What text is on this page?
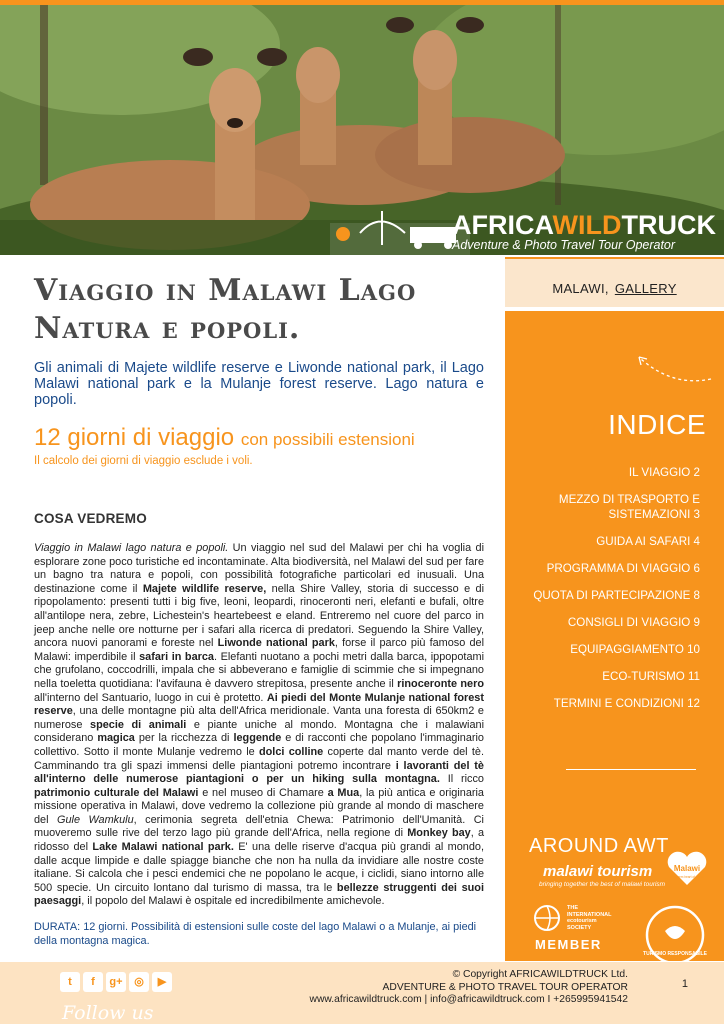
AFRICAWILDTRUCK
Adventure & Photo Travel Tour Operator
Viaggio in Malawi Lago Natura e popoli.

Gli animali di Majete wildlife reserve e Liwonde national park, il Lago Malawi national park e la Mulanje forest reserve. Lago natura e popoli.

12 giorni di viaggio con possibili estensioni
Il calcolo dei giorni di viaggio esclude i voli.
COSA VEDREMO

Viaggio in Malawi lago natura e popoli. Un viaggio nel sud del Malawi per chi ha voglia di esplorare zone poco turistiche ed incontaminate. Alta biodiversità, nel Malawi del sud per fare un bagno tra natura e popoli, con possibilità fotografiche particolari ed inusuali. Una destinazione come il Majete wildlife reserve, nella Shire Valley, storia di successo e di ripopolamento: presenti tutti i big five, leoni, leopardi, rinoceronti neri, elefanti e bufali, oltre all'antilope nera, zebre, Lichestein's heartebeest e eland. Entreremo nel cuore del parco in jeep anche nelle ore notturne per i safari alla ricerca di predatori. Seguendo la Shire Valley, ancora nuovi panorami e foreste nel Liwonde national park, forse il parco più famoso del Malawi: imperdibile il safari in barca. Elefanti nuotano a pochi metri dalla barca, ippopotami che grufolano, coccodrilli, impala che si abbeverano e famiglie di scimmie che si impegnano nella toeletta quotidiana: l'avifauna è davvero strepitosa, presente anche il rinoceronte nero all'interno del Santuario, luogo in cui è protetto. Ai piedi del Monte Mulanje national forest reserve, una delle montagne più alta dell'Africa meridionale. Vanta una foresta di 650km2 e numerose specie di animali e piante uniche al mondo. Montagna che i malawiani considerano magica per la ricchezza di leggende e di racconti che popolano l'immaginario collettivo. Sotto il monte Mulanje vedremo le dolci colline coperte dal manto verde del tè. Camminando tra gli spazi immensi delle piantagioni potremo incontrare i lavoranti del tè all'interno delle numerose piantagioni o per un hiking sulla montagna. Il ricco patrimonio culturale del Malawi e nel museo di Chamare a Mua, la più antica e originaria missione operativa in Malawi, dove vedremo la collezione più grande al mondo di maschere del Gule Wamkulu, cerimonia segreta dell'etnia Chewa: Patrimonio dell'Umanità. Ci muoveremo sulle rive del terzo lago più grande dell'Africa, nella regione di Monkey bay, a ridosso del Lake Malawi national park. E' una delle riserve d'acqua più grandi al mondo, dalle acque limpide e dalle spiagge bianche che non ha nulla da invidiare alle nostre coste italiane. Si calcola che i pesci endemici che ne popolano le acque, i ciclidi, siano intorno alle 500 specie. Un circuito lontano dal turismo di massa, tra le bellezze struggenti dei suoi paesaggi, il popolo del Malawi è ospitale ed incredibilmente amichevole.

DURATA: 12 giorni. Possibilità di estensioni sulle coste del lago Malawi o a Mulanje, ai piedi della montagna magica.

MALAWI, GALLERY
INDICE
IL VIAGGIO 2
MEZZO DI TRASPORTO E SISTEMAZIONI 3
GUIDA AI SAFARI 4
PROGRAMMA DI VIAGGIO 6
QUOTA DI PARTECIPAZIONE 8
CONSIGLI DI VIAGGIO 9
EQUIPAGGIAMENTO 10
ECO-TURISMO 11
TERMINI E CONDIZIONI 12
AROUND AWT
malawi tourism
bringing together the best of malawi tourism
Malawi
the warm heart of africa
THE
INTERNATIONAL
ecotourism
SOCIETY
MEMBER
TURISMO RESPONSABILE
t	f	g+	◎	▶
Follow us
© Copyright AFRICAWILDTRUCK Ltd.
ADVENTURE & PHOTO TRAVEL TOUR OPERATOR
www.africawildtruck.com | info@africawildtruck.com I +265995941542
1
